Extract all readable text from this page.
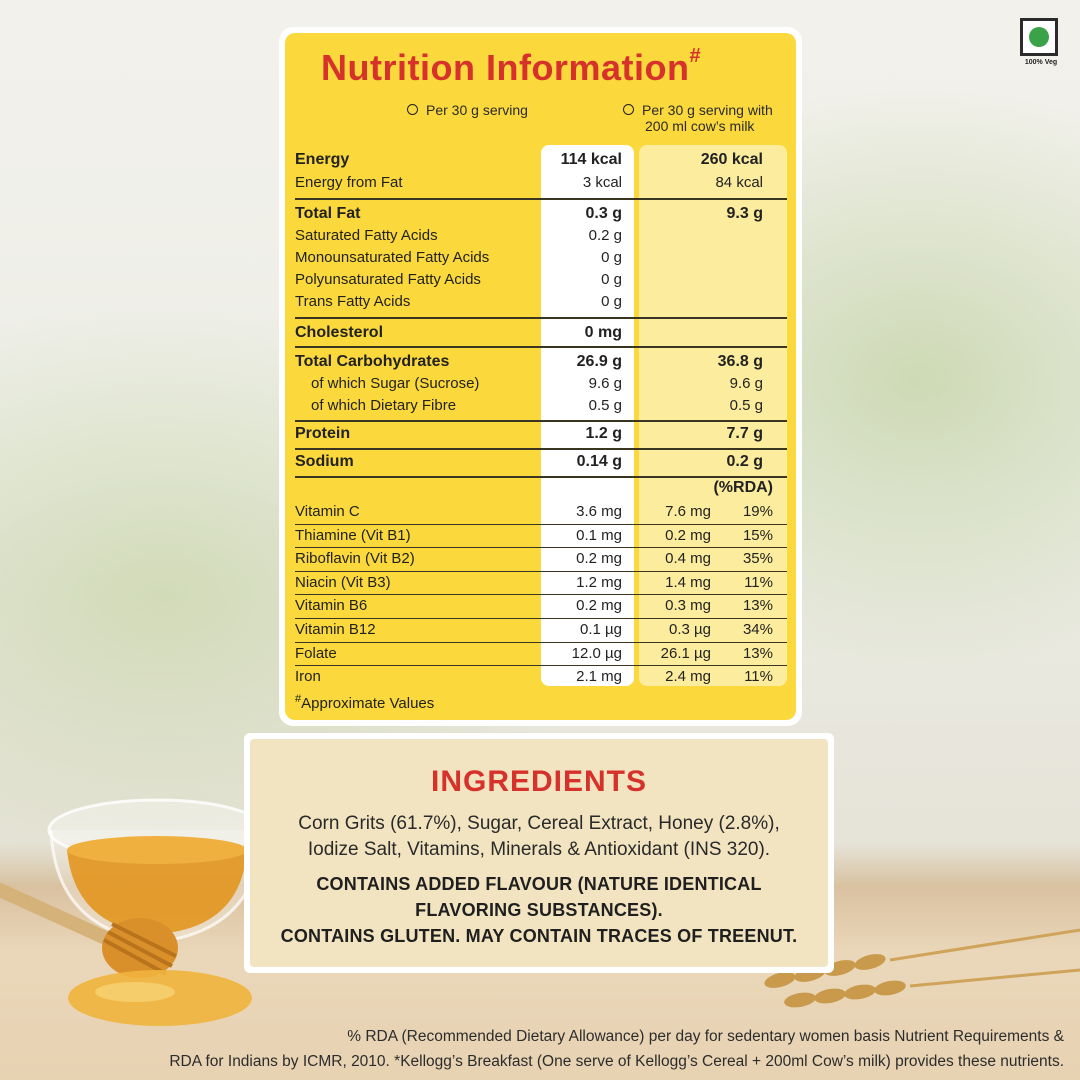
100% Veg
Nutrition Information#
Per 30 g serving	Per 30 g serving with
200 ml cow’s milk
Energy	114 kcal	260 kcal
Energy from Fat	3 kcal	84 kcal
Total Fat	0.3 g	9.3 g
Saturated Fatty Acids	0.2 g
Monounsaturated Fatty Acids	0 g
Polyunsaturated Fatty Acids	0 g
Trans Fatty Acids	0 g
Cholesterol	0 mg
Total Carbohydrates	26.9 g	36.8 g
of which Sugar (Sucrose)	9.6 g	9.6 g
of which Dietary Fibre	0.5 g	0.5 g
Protein	1.2 g	7.7 g
Sodium	0.14 g	0.2 g
(%RDA)
Vitamin C	3.6 mg	7.6 mg 19%
Thiamine (Vit B1)	0.1 mg	0.2 mg 15%
Riboflavin (Vit B2)	0.2 mg	0.4 mg 35%
Niacin (Vit B3)	1.2 mg	1.4 mg 11%
Vitamin B6	0.2 mg	0.3 mg 13%
Vitamin B12	0.1 µg	0.3 µg 34%
Folate	12.0 µg	26.1 µg 13%
Iron	2.1 mg	2.4 mg 11%
#Approximate Values
INGREDIENTS
Corn Grits (61.7%), Sugar, Cereal Extract, Honey (2.8%),
Iodize Salt, Vitamins, Minerals & Antioxidant (INS 320).
CONTAINS ADDED FLAVOUR (NATURE IDENTICAL
FLAVORING SUBSTANCES).
CONTAINS GLUTEN. MAY CONTAIN TRACES OF TREENUT.
% RDA (Recommended Dietary Allowance) per day for sedentary women basis Nutrient Requirements &
RDA for Indians by ICMR, 2010. *Kellogg’s Breakfast (One serve of Kellogg’s Cereal + 200ml Cow’s milk) provides these nutrients.
